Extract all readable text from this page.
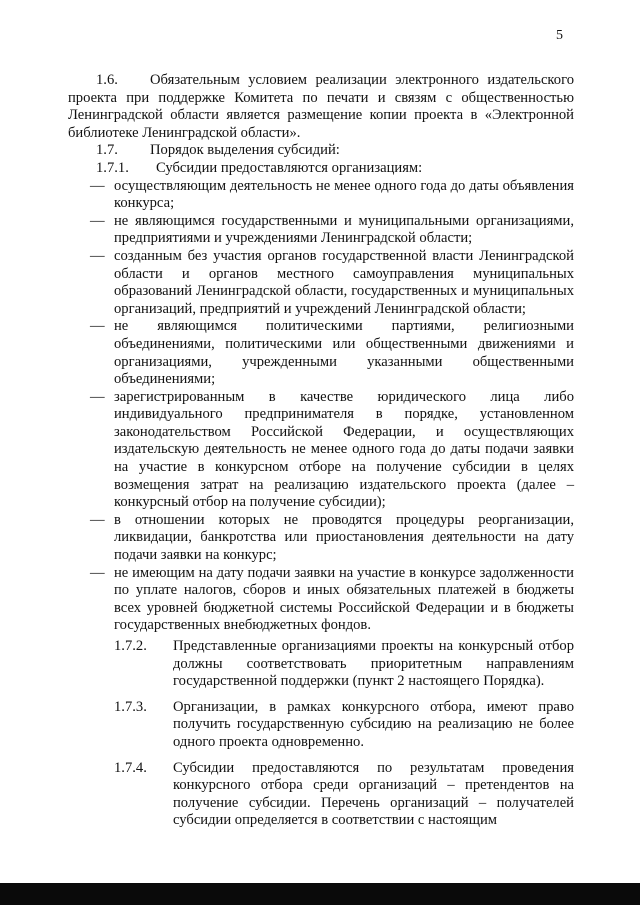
5
1.6. Обязательным условием реализации электронного издательского проекта при поддержке Комитета по печати и связям с общественностью Ленинградской области является размещение копии проекта в «Электронной библиотеке Ленинградской области».
1.7. Порядок выделения субсидий:
1.7.1. Субсидии предоставляются организациям:
— осуществляющим деятельность не менее одного года до даты объявления конкурса;
— не являющимся государственными и муниципальными организациями, предприятиями и учреждениями Ленинградской области;
— созданным без участия органов государственной власти Ленинградской области и органов местного самоуправления муниципальных образований Ленинградской области, государственных и муниципальных организаций, предприятий и учреждений Ленинградской области;
— не являющимся политическими партиями, религиозными объединениями, политическими или общественными движениями и организациями, учрежденными указанными общественными объединениями;
— зарегистрированным в качестве юридического лица либо индивидуального предпринимателя в порядке, установленном законодательством Российской Федерации, и осуществляющих издательскую деятельность не менее одного года до даты подачи заявки на участие в конкурсном отборе на получение субсидии в целях возмещения затрат на реализацию издательского проекта (далее – конкурсный отбор на получение субсидии);
— в отношении которых не проводятся процедуры реорганизации, ликвидации, банкротства или приостановления деятельности на дату подачи заявки на конкурс;
— не имеющим на дату подачи заявки на участие в конкурсе задолженности по уплате налогов, сборов и иных обязательных платежей в бюджеты всех уровней бюджетной системы Российской Федерации и в бюджеты государственных внебюджетных фондов.
1.7.2. Представленные организациями проекты на конкурсный отбор должны соответствовать приоритетным направлениям государственной поддержки (пункт 2 настоящего Порядка).
1.7.3. Организации, в рамках конкурсного отбора, имеют право получить государственную субсидию на реализацию не более одного проекта одновременно.
1.7.4. Субсидии предоставляются по результатам проведения конкурсного отбора среди организаций – претендентов на получение субсидии. Перечень организаций – получателей субсидии определяется в соответствии с настоящим
